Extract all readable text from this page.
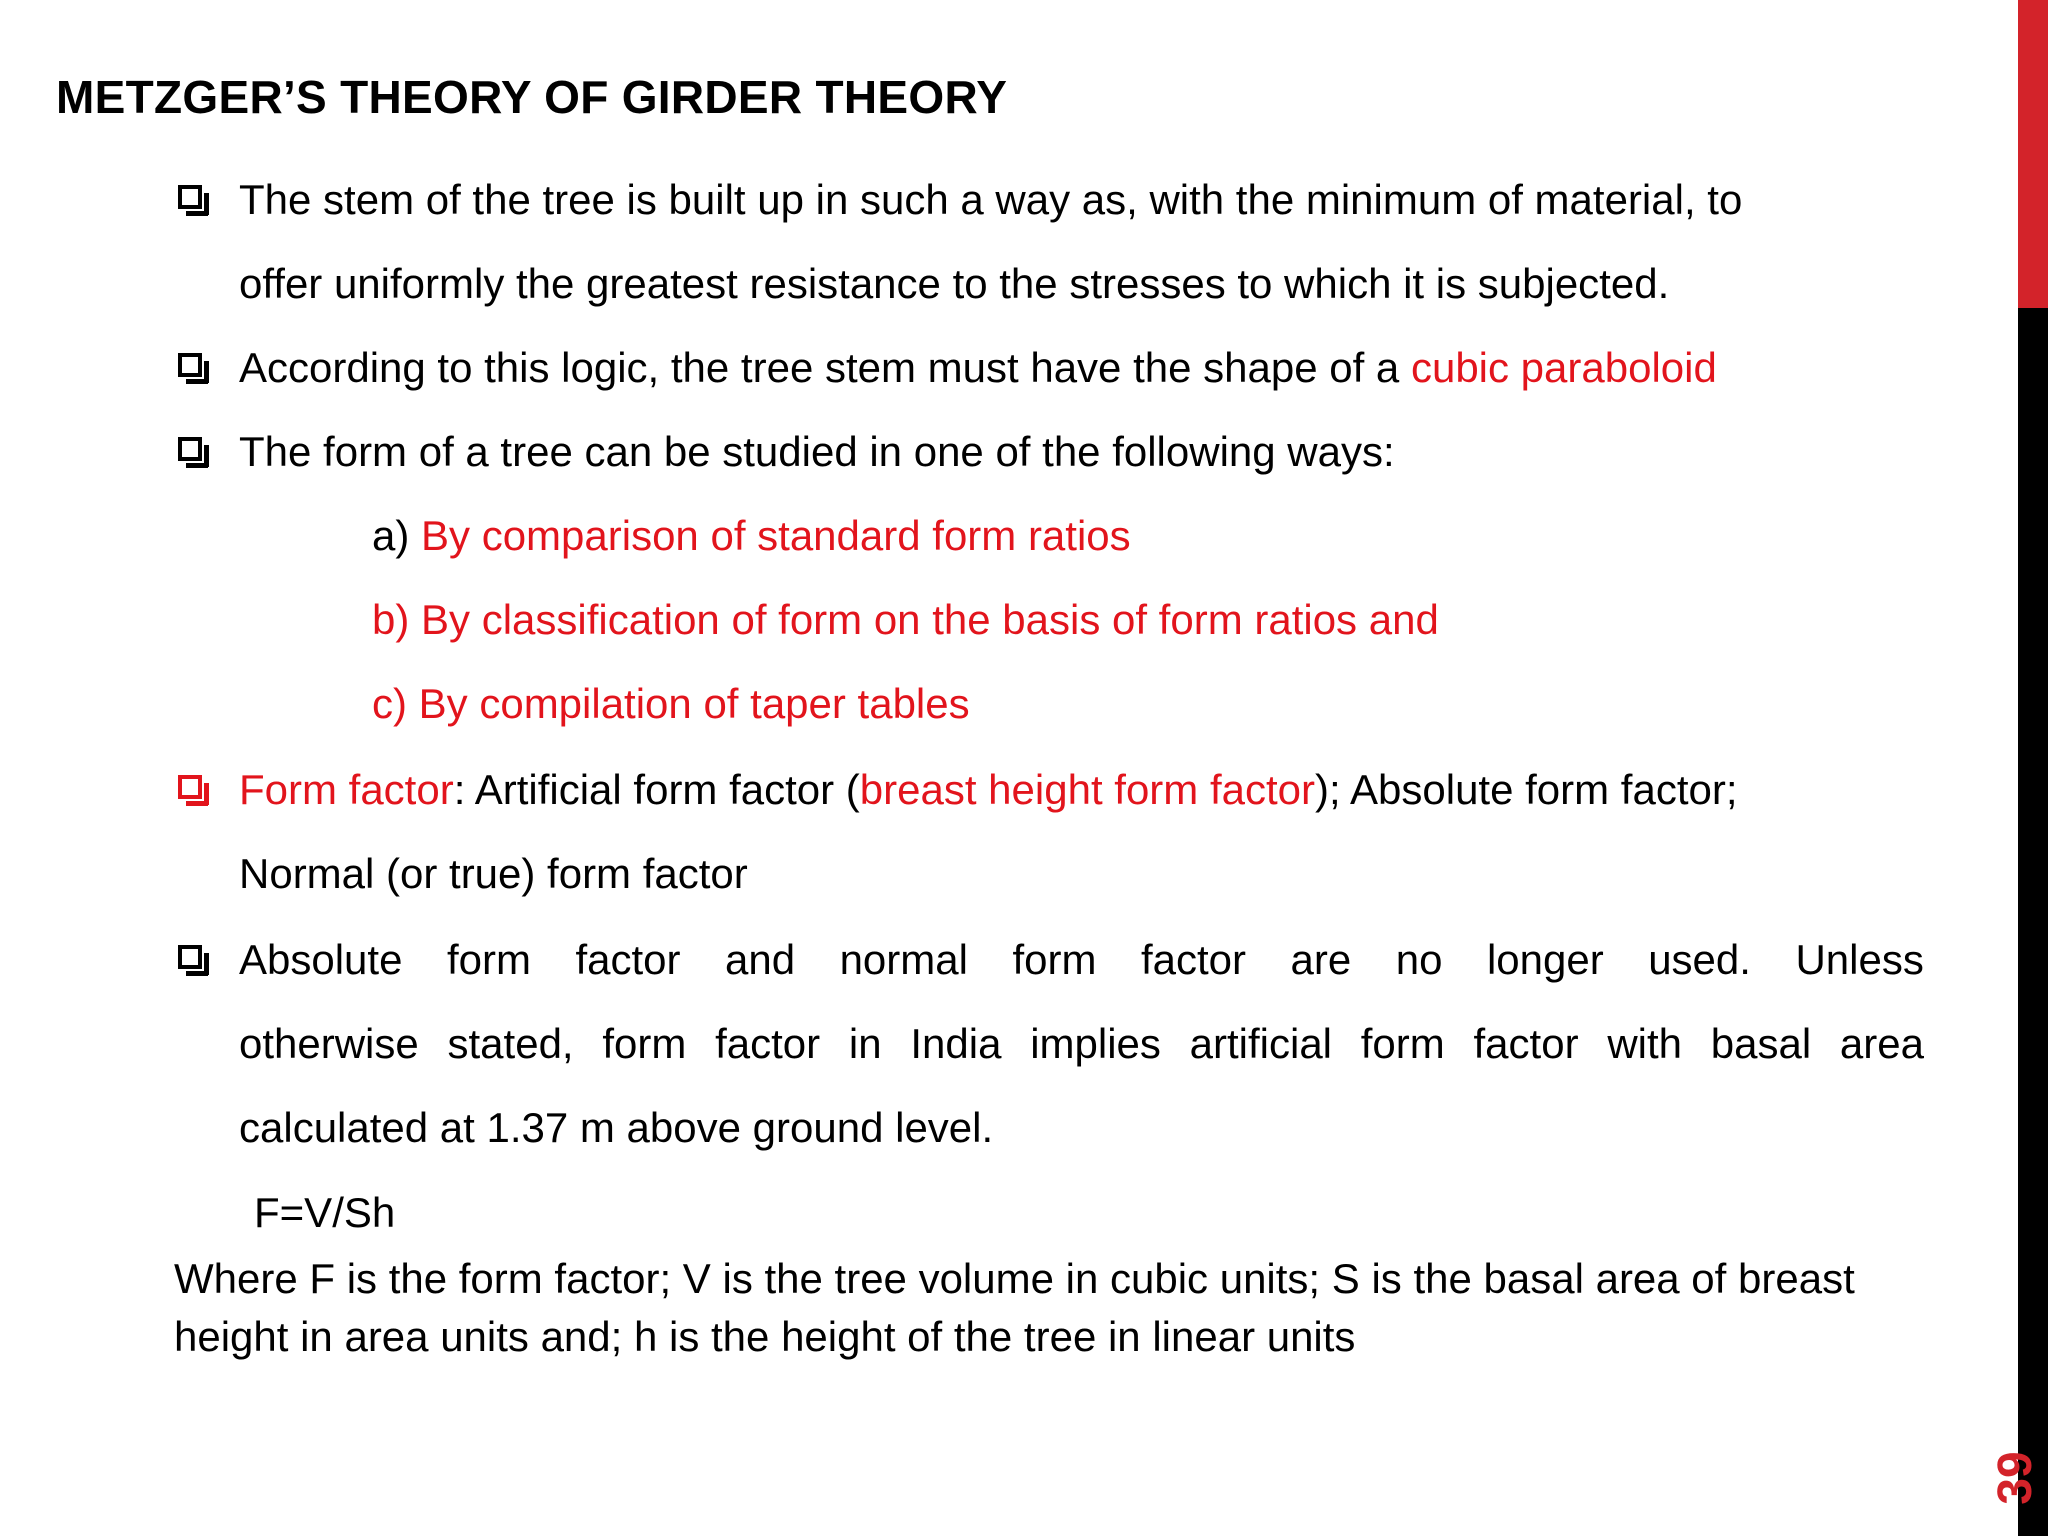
39
METZGER’S THEORY OF GIRDER THEORY
The stem of the tree is built up in such a way as, with the minimum of material, to
offer uniformly the greatest resistance to the stresses to which it is subjected.
According to this logic, the tree stem must have the shape of a cubic paraboloid
The form of a tree can be studied in one of the following ways:
a) By comparison of standard form ratios
b) By classification of form on the basis of form ratios and
c) By compilation of taper tables
Form factor: Artificial form factor (breast height form factor); Absolute form factor;
Normal (or true) form factor
Absolute form factor and normal form factor are no longer used. Unless
otherwise stated, form factor in India implies artificial form factor with basal area
calculated at 1.37 m above ground level.
F=V/Sh
Where F is the form factor; V is the tree volume in cubic units; S is the basal area of breast height in area units and; h is the height of the tree in linear units
